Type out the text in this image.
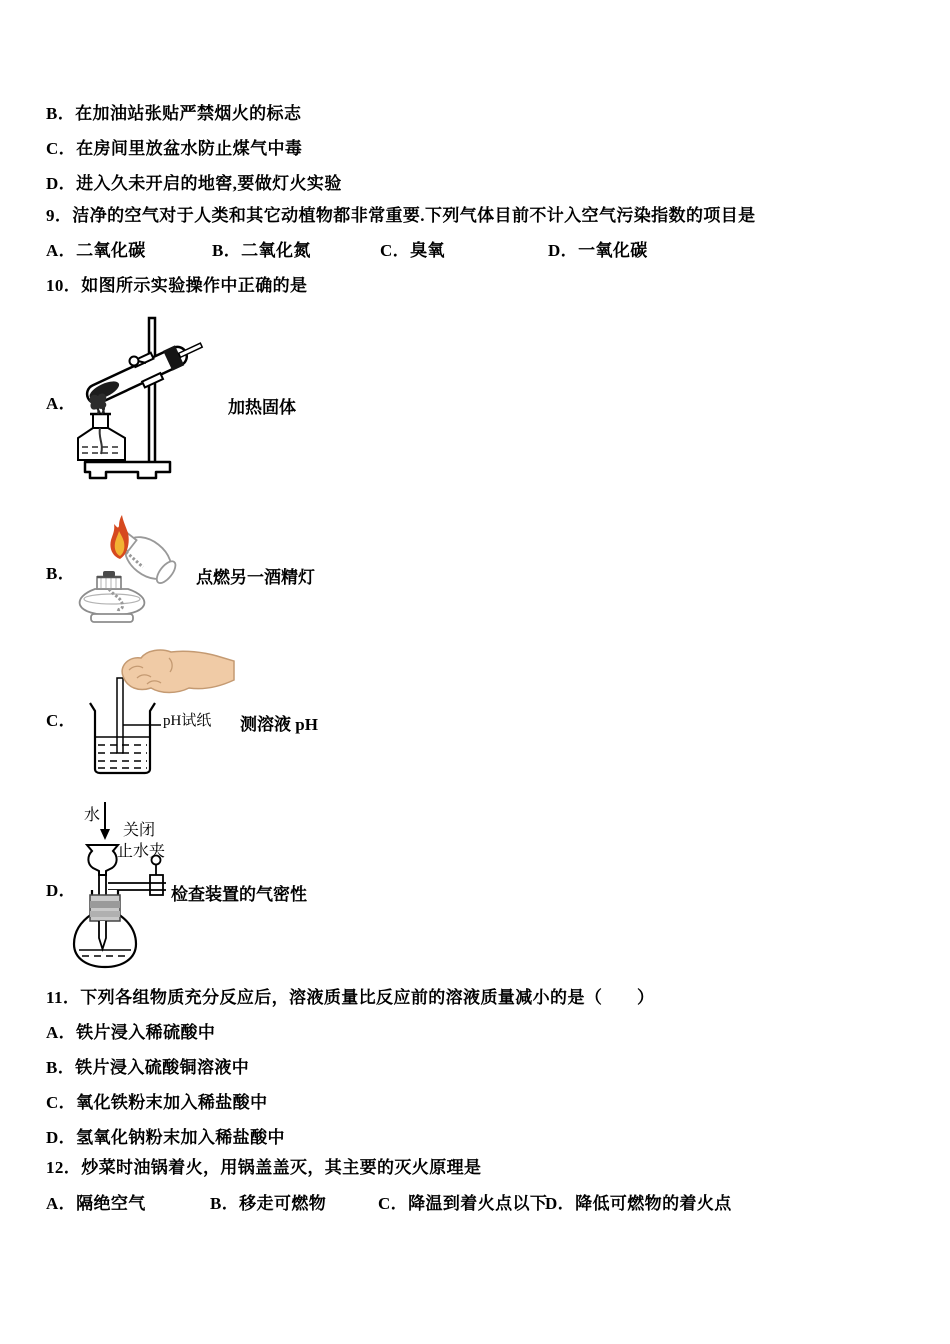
B．在加油站张贴严禁烟火的标志
C．在房间里放盆水防止煤气中毒
D．进入久未开启的地窖,要做灯火实验
9．洁净的空气对于人类和其它动植物都非常重要.下列气体目前不计入空气污染指数的项目是
A．二氧化碳	B．二氧化氮	C．臭氧	D．一氧化碳
10．如图所示实验操作中正确的是
A．	加热固体
B．	点燃另一酒精灯
C．	pH试纸 测溶液 pH
D．
水
关闭
止水夹
检查装置的气密性
11．下列各组物质充分反应后，溶液质量比反应前的溶液质量减小的是（　　）
A．铁片浸入稀硫酸中
B．铁片浸入硫酸铜溶液中
C．氧化铁粉末加入稀盐酸中
D．氢氧化钠粉末加入稀盐酸中
12．炒菜时油锅着火，用锅盖盖灭，其主要的灭火原理是
A．隔绝空气	B．移走可燃物	C．降温到着火点以下
D．降低可燃物的着火点
